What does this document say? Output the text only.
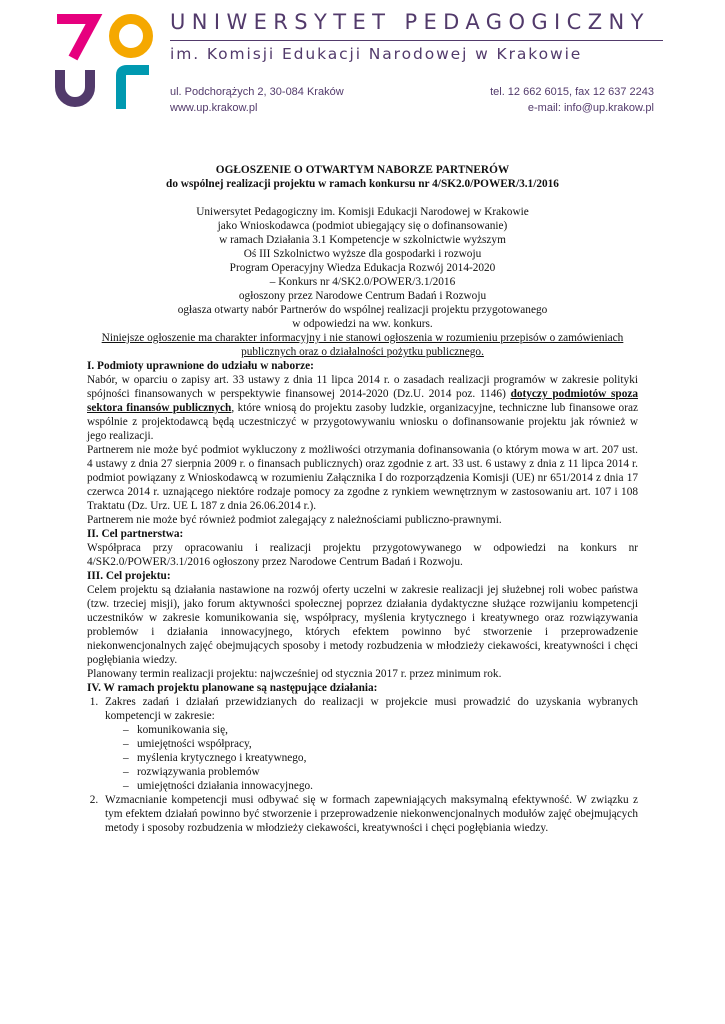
UNIWERSYTET PEDAGOGICZNY
im. Komisji Edukacji Narodowej w Krakowie
ul. Podchorążych 2, 30-084 Kraków
www.up.krakow.pl
tel. 12 662 6015, fax 12 637 2243
e-mail: info@up.krakow.pl

OGŁOSZENIE O OTWARTYM NABORZE PARTNERÓW

do wspólnej realizacji projektu w ramach konkursu nr 4/SK2.0/POWER/3.1/2016

Uniwersytet Pedagogiczny im. Komisji Edukacji Narodowej w Krakowie

jako Wnioskodawca (podmiot ubiegający się o dofinansowanie)

w ramach Działania 3.1 Kompetencje w szkolnictwie wyższym

Oś III Szkolnictwo wyższe dla gospodarki i rozwoju

Program Operacyjny Wiedza Edukacja Rozwój 2014-2020

– Konkurs nr 4/SK2.0/POWER/3.1/2016

ogłoszony przez Narodowe Centrum Badań i Rozwoju

ogłasza otwarty nabór Partnerów do wspólnej realizacji projektu przygotowanego

w odpowiedzi na ww. konkurs.

Niniejsze ogłoszenie ma charakter informacyjny i nie stanowi ogłoszenia w rozumieniu przepisów o zamówieniach publicznych oraz o działalności pożytku publicznego.

I. Podmioty uprawnione do udziału w naborze:

Nabór, w oparciu o zapisy art. 33 ustawy z dnia 11 lipca 2014 r. o zasadach realizacji programów w zakresie polityki spójności finansowanych w perspektywie finansowej 2014-2020 (Dz.U. 2014 poz. 1146) dotyczy podmiotów spoza sektora finansów publicznych, które wniosą do projektu zasoby ludzkie, organizacyjne, techniczne lub finansowe oraz wspólnie z projektodawcą będą uczestniczyć w przygotowywaniu wniosku o dofinansowanie projektu jak również w jego realizacji.

Partnerem nie może być podmiot wykluczony z możliwości otrzymania dofinansowania (o którym mowa w art. 207 ust. 4 ustawy z dnia 27 sierpnia 2009 r. o finansach publicznych) oraz zgodnie z art. 33 ust. 6 ustawy z dnia z 11 lipca 2014 r. podmiot powiązany z Wnioskodawcą w rozumieniu Załącznika I do rozporządzenia Komisji (UE) nr 651/2014 z dnia 17 czerwca 2014 r. uznającego niektóre rodzaje pomocy za zgodne z rynkiem wewnętrznym w zastosowaniu art. 107 i 108 Traktatu (Dz. Urz. UE L 187 z dnia 26.06.2014 r.).

Partnerem nie może być również podmiot zalegający z należnościami publiczno-prawnymi.

II. Cel partnerstwa:

Współpraca przy opracowaniu i realizacji projektu przygotowywanego w odpowiedzi na konkurs nr 4/SK2.0/POWER/3.1/2016 ogłoszony przez Narodowe Centrum Badań i Rozwoju.

III. Cel projektu:

Celem projektu są działania nastawione na rozwój oferty uczelni w zakresie realizacji jej służebnej roli wobec państwa (tzw. trzeciej misji), jako forum aktywności społecznej poprzez działania dydaktyczne służące rozwijaniu kompetencji uczestników w zakresie komunikowania się, współpracy, myślenia krytycznego i kreatywnego oraz rozwiązywania problemów i działania innowacyjnego, których efektem powinno być stworzenie i przeprowadzenie niekonwencjonalnych zajęć obejmujących sposoby i metody rozbudzenia w młodzieży ciekawości, kreatywności i chęci pogłębiania wiedzy.

Planowany termin realizacji projektu: najwcześniej od stycznia 2017 r. przez minimum rok.

IV. W ramach projektu planowane są następujące działania:

1. Zakres zadań i działań przewidzianych do realizacji w projekcie musi prowadzić do uzyskania wybranych kompetencji w zakresie:
– komunikowania się,
– umiejętności współpracy,
– myślenia krytycznego i kreatywnego,
– rozwiązywania problemów
– umiejętności działania innowacyjnego.
2. Wzmacnianie kompetencji musi odbywać się w formach zapewniających maksymalną efektywność. W związku z tym efektem działań powinno być stworzenie i przeprowadzenie niekonwencjonalnych modułów zajęć obejmujących metody i sposoby rozbudzenia w młodzieży ciekawości, kreatywności i chęci pogłębiania wiedzy.
